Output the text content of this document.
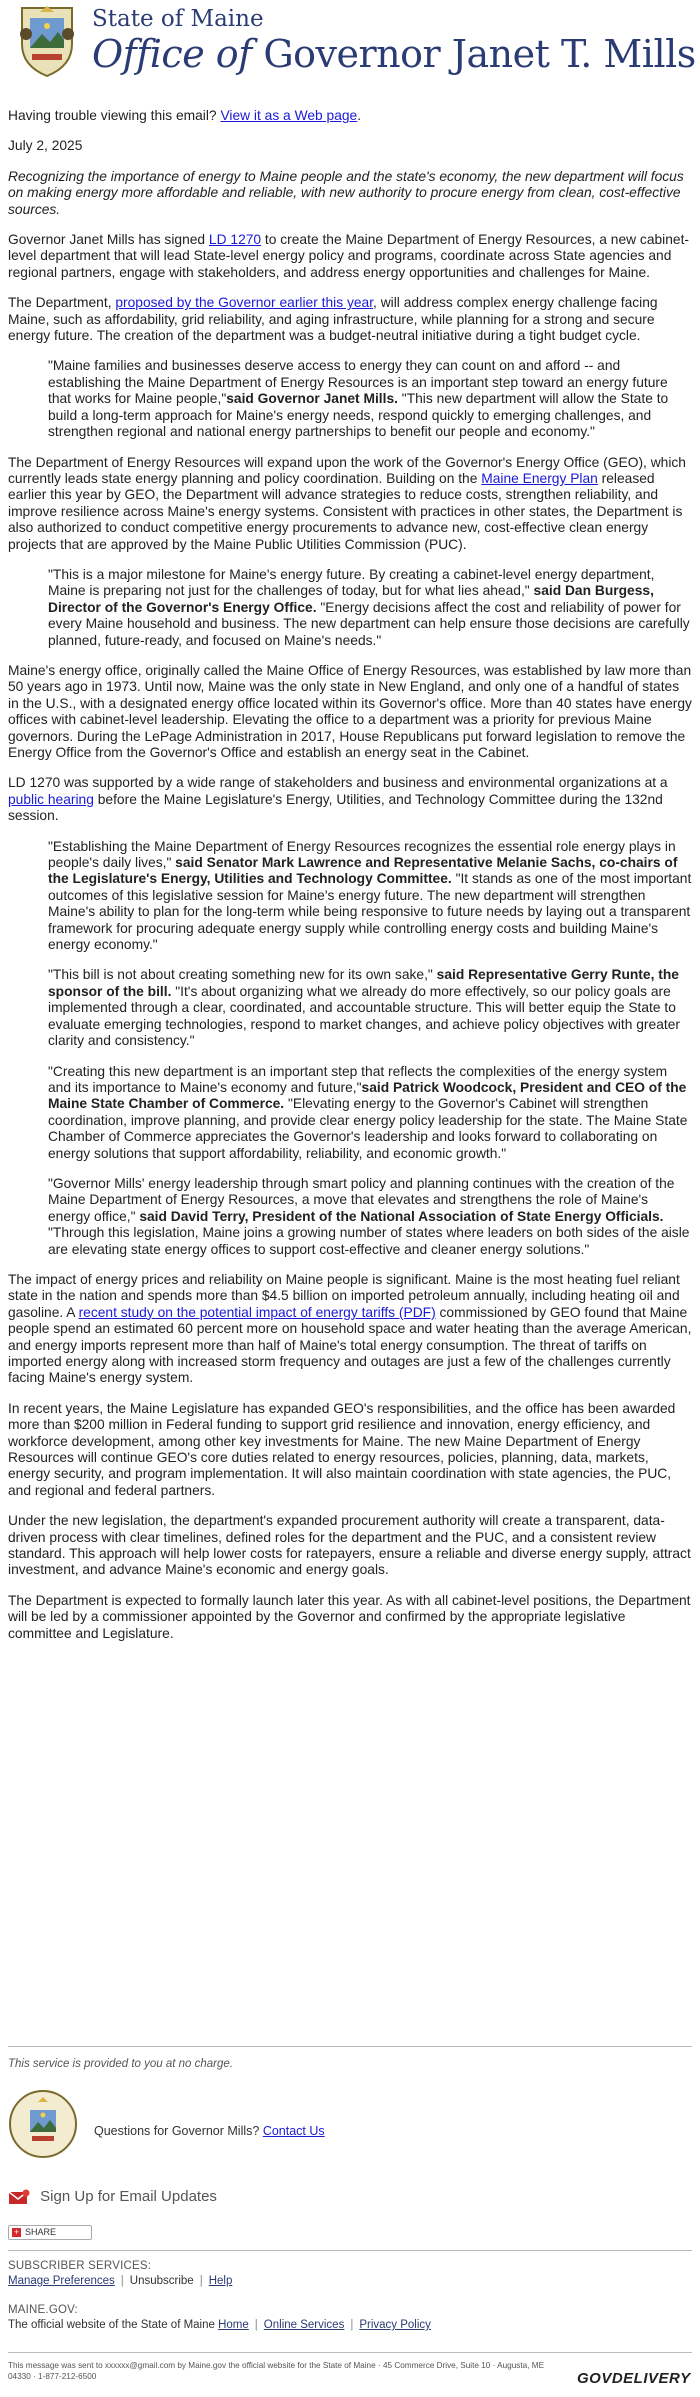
State of Maine
Office of Governor Janet T. Mills

Having trouble viewing this email? View it as a Web page.

July 2, 2025

Recognizing the importance of energy to Maine people and the state's economy, the new department will focus on making energy more affordable and reliable, with new authority to procure energy from clean, cost-effective sources.

Governor Janet Mills has signed LD 1270 to create the Maine Department of Energy Resources, a new cabinet-level department that will lead State-level energy policy and programs, coordinate across State agencies and regional partners, engage with stakeholders, and address energy opportunities and challenges for Maine.

The Department, proposed by the Governor earlier this year, will address complex energy challenge facing Maine, such as affordability, grid reliability, and aging infrastructure, while planning for a strong and secure energy future. The creation of the department was a budget-neutral initiative during a tight budget cycle.

"Maine families and businesses deserve access to energy they can count on and afford -- and establishing the Maine Department of Energy Resources is an important step toward an energy future that works for Maine people,"said Governor Janet Mills. "This new department will allow the State to build a long-term approach for Maine's energy needs, respond quickly to emerging challenges, and strengthen regional and national energy partnerships to benefit our people and economy."

The Department of Energy Resources will expand upon the work of the Governor's Energy Office (GEO), which currently leads state energy planning and policy coordination. Building on the Maine Energy Plan released earlier this year by GEO, the Department will advance strategies to reduce costs, strengthen reliability, and improve resilience across Maine's energy systems. Consistent with practices in other states, the Department is also authorized to conduct competitive energy procurements to advance new, cost-effective clean energy projects that are approved by the Maine Public Utilities Commission (PUC).

"This is a major milestone for Maine's energy future. By creating a cabinet-level energy department, Maine is preparing not just for the challenges of today, but for what lies ahead," said Dan Burgess, Director of the Governor's Energy Office. "Energy decisions affect the cost and reliability of power for every Maine household and business. The new department can help ensure those decisions are carefully planned, future-ready, and focused on Maine's needs."

Maine's energy office, originally called the Maine Office of Energy Resources, was established by law more than 50 years ago in 1973. Until now, Maine was the only state in New England, and only one of a handful of states in the U.S., with a designated energy office located within its Governor's office. More than 40 states have energy offices with cabinet-level leadership. Elevating the office to a department was a priority for previous Maine governors. During the LePage Administration in 2017, House Republicans put forward legislation to remove the Energy Office from the Governor's Office and establish an energy seat in the Cabinet.

LD 1270 was supported by a wide range of stakeholders and business and environmental organizations at a public hearing before the Maine Legislature's Energy, Utilities, and Technology Committee during the 132nd session.

"Establishing the Maine Department of Energy Resources recognizes the essential role energy plays in people's daily lives," said Senator Mark Lawrence and Representative Melanie Sachs, co-chairs of the Legislature's Energy, Utilities and Technology Committee. "It stands as one of the most important outcomes of this legislative session for Maine's energy future. The new department will strengthen Maine's ability to plan for the long-term while being responsive to future needs by laying out a transparent framework for procuring adequate energy supply while controlling energy costs and building Maine's energy economy."
"This bill is not about creating something new for its own sake," said Representative Gerry Runte, the sponsor of the bill. "It's about organizing what we already do more effectively, so our policy goals are implemented through a clear, coordinated, and accountable structure. This will better equip the State to evaluate emerging technologies, respond to market changes, and achieve policy objectives with greater clarity and consistency."
"Creating this new department is an important step that reflects the complexities of the energy system and its importance to Maine's economy and future,"said Patrick Woodcock, President and CEO of the Maine State Chamber of Commerce. "Elevating energy to the Governor's Cabinet will strengthen coordination, improve planning, and provide clear energy policy leadership for the state. The Maine State Chamber of Commerce appreciates the Governor's leadership and looks forward to collaborating on energy solutions that support affordability, reliability, and economic growth."
"Governor Mills' energy leadership through smart policy and planning continues with the creation of the Maine Department of Energy Resources, a move that elevates and strengthens the role of Maine's energy office," said David Terry, President of the National Association of State Energy Officials. "Through this legislation, Maine joins a growing number of states where leaders on both sides of the aisle are elevating state energy offices to support cost-effective and cleaner energy solutions."

The impact of energy prices and reliability on Maine people is significant. Maine is the most heating fuel reliant state in the nation and spends more than $4.5 billion on imported petroleum annually, including heating oil and gasoline. A recent study on the potential impact of energy tariffs (PDF) commissioned by GEO found that Maine people spend an estimated 60 percent more on household space and water heating than the average American, and energy imports represent more than half of Maine's total energy consumption. The threat of tariffs on imported energy along with increased storm frequency and outages are just a few of the challenges currently facing Maine's energy system.

In recent years, the Maine Legislature has expanded GEO's responsibilities, and the office has been awarded more than $200 million in Federal funding to support grid resilience and innovation, energy efficiency, and workforce development, among other key investments for Maine. The new Maine Department of Energy Resources will continue GEO's core duties related to energy resources, policies, planning, data, markets, energy security, and program implementation. It will also maintain coordination with state agencies, the PUC, and regional and federal partners.

Under the new legislation, the department's expanded procurement authority will create a transparent, data-driven process with clear timelines, defined roles for the department and the PUC, and a consistent review standard. This approach will help lower costs for ratepayers, ensure a reliable and diverse energy supply, attract investment, and advance Maine's economic and energy goals.

The Department is expected to formally launch later this year. As with all cabinet-level positions, the Department will be led by a commissioner appointed by the Governor and confirmed by the appropriate legislative committee and Legislature.

This service is provided to you at no charge.
Questions for Governor Mills? Contact Us
Sign Up for Email Updates
+ SHARE
SUBSCRIBER SERVICES:
Manage Preferences | Unsubscribe | Help
MAINE.GOV:
The official website of the State of Maine Home | Online Services | Privacy Policy
This message was sent to xxxxxx@gmail.com by Maine.gov the official website for the State of Maine · 45 Commerce Drive, Suite 10 · Augusta, ME 04330 · 1-877-212-6500	GOVDELIVERY
